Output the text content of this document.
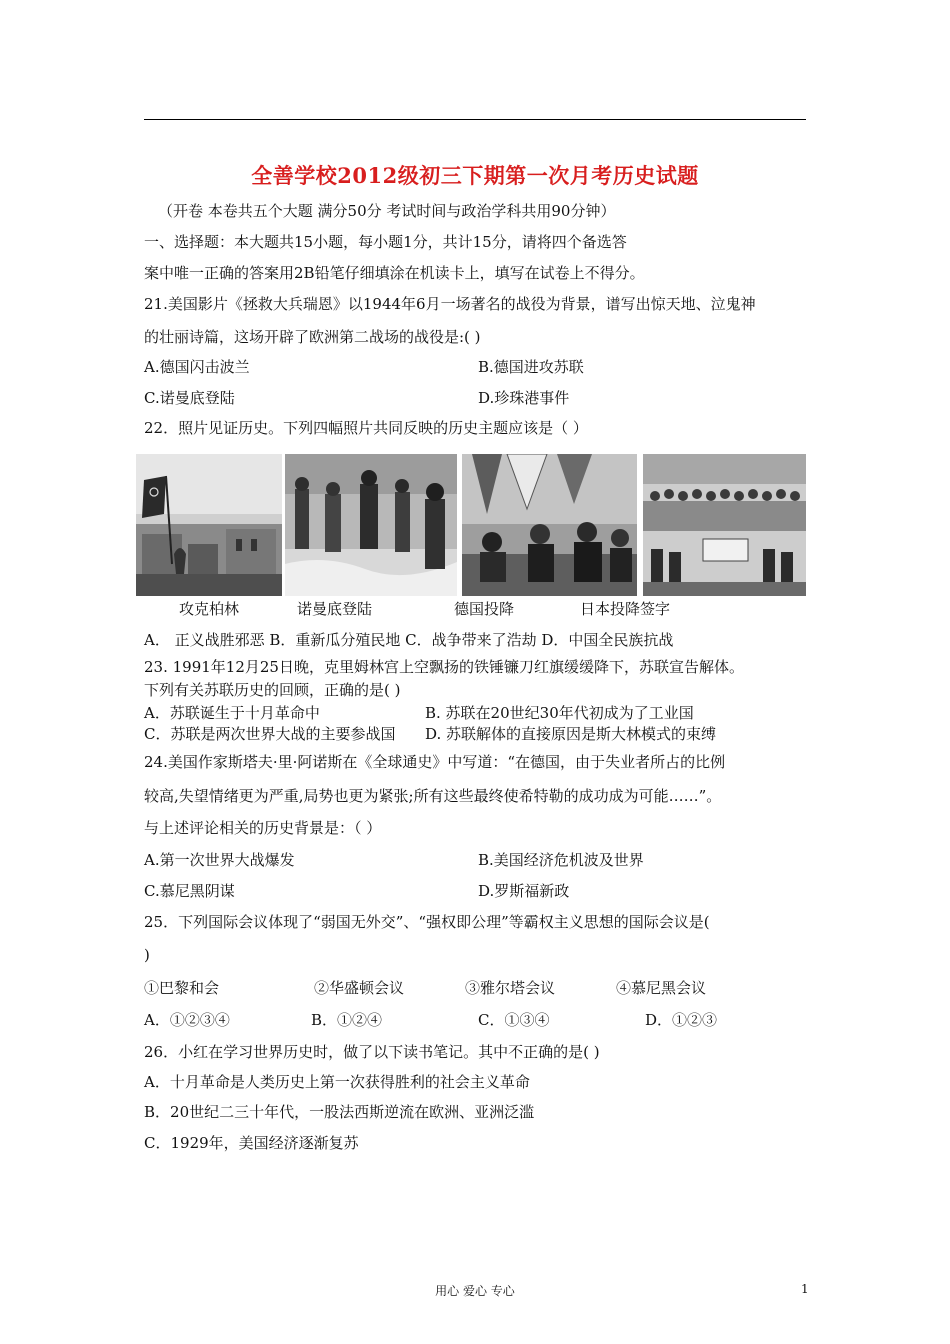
全善学校2012级初三下期第一次月考历史试题
（开卷 本卷共五个大题 满分50分 考试时间与政治学科共用90分钟）
一、选择题：本大题共15小题，每小题1分，共计15分，请将四个备选答
案中唯一正确的答案用2B铅笔仔细填涂在机读卡上，填写在试卷上不得分。
21.美国影片《拯救大兵瑞恩》以1944年6月一场著名的战役为背景，谱写出惊天地、泣鬼神
的壮丽诗篇，这场开辟了欧洲第二战场的战役是:( )
A.德国闪击波兰	B.德国进攻苏联
C.诺曼底登陆	D.珍珠港事件
22．照片见证历史。下列四幅照片共同反映的历史主题应该是（ ）
攻克柏林	诺曼底登陆	德国投降	日本投降签字
A． 正义战胜邪恶 B．重新瓜分殖民地 C．战争带来了浩劫 D．中国全民族抗战
23. 1991年12月25日晚，克里姆林宫上空飘扬的铁锤镰刀红旗缓缓降下，苏联宣告解体。
下列有关苏联历史的回顾，正确的是( )
A．苏联诞生于十月革命中	B. 苏联在20世纪30年代初成为了工业国
C．苏联是两次世界大战的主要参战国 D. 苏联解体的直接原因是斯大林模式的束缚
24.美国作家斯塔夫·里·阿诺斯在《全球通史》中写道：“在德国，由于失业者所占的比例
较高,失望情绪更为严重,局势也更为紧张;所有这些最终使希特勒的成功成为可能……”。
与上述评论相关的历史背景是：（ ）
A.第一次世界大战爆发	B.美国经济危机波及世界
C.慕尼黑阴谋	D.罗斯福新政
25．下列国际会议体现了“弱国无外交”、“强权即公理”等霸权主义思想的国际会议是(
)
①巴黎和会	②华盛顿会议	③雅尔塔会议	④慕尼黑会议
A．①②③④	B．①②④	C．①③④	D．①②③
26．小红在学习世界历史时，做了以下读书笔记。其中不正确的是( )
A．十月革命是人类历史上第一次获得胜利的社会主义革命
B．20世纪二三十年代，一股法西斯逆流在欧洲、亚洲泛滥
C．1929年，美国经济逐渐复苏
用心 爱心 专心	1
